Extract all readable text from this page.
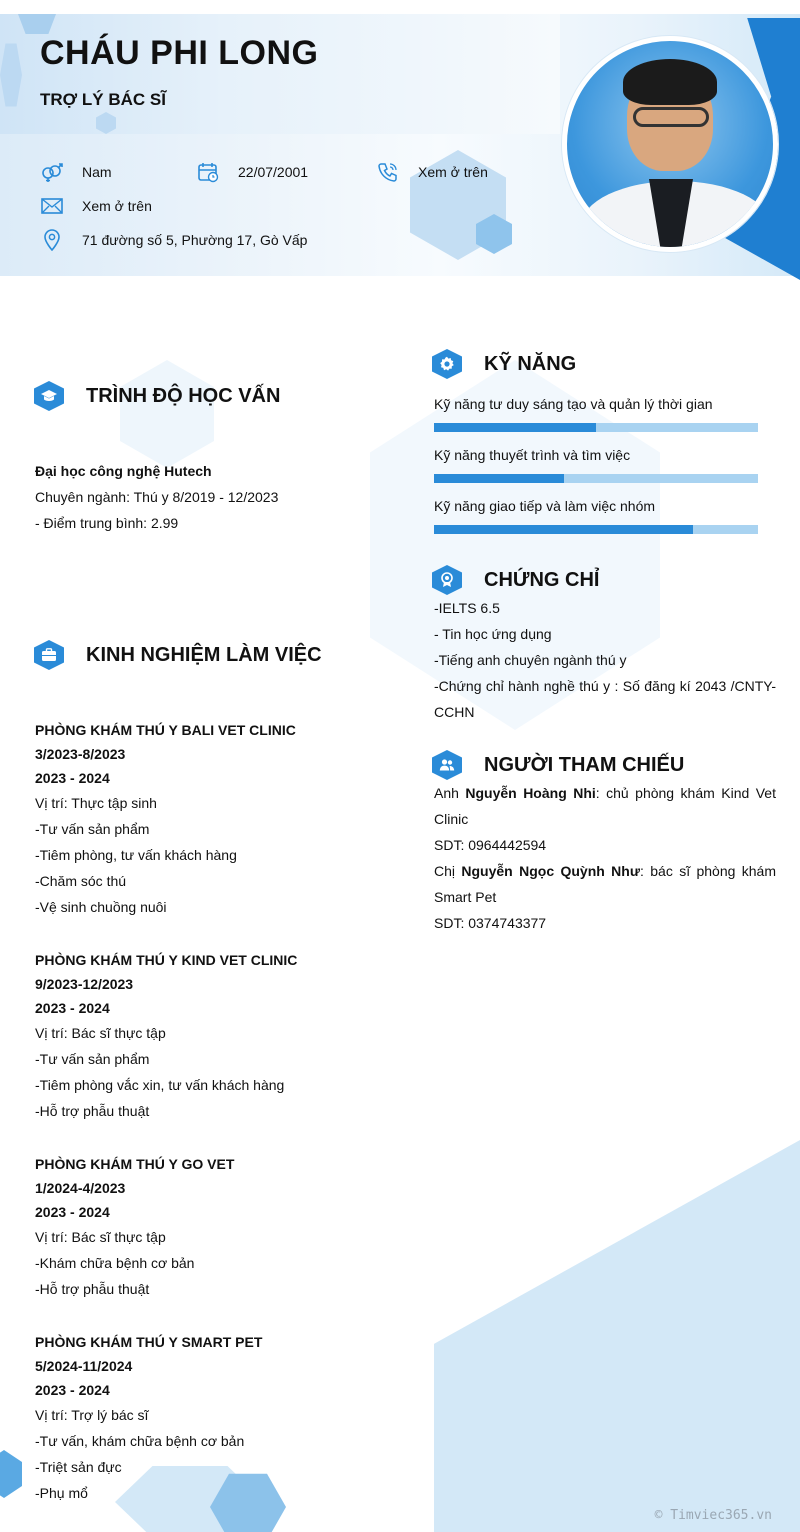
CHÁU PHI LONG
TRỢ LÝ BÁC SĨ
Nam	22/07/2001	Xem ở trên
Xem ở trên
71 đường số 5, Phường 17, Gò Vấp
TRÌNH ĐỘ HỌC VẤN
Đại học công nghệ Hutech
Chuyên ngành: Thú y 8/2019 - 12/2023
- Điểm trung bình: 2.99
KINH NGHIỆM LÀM VIỆC
PHÒNG KHÁM THÚ Y BALI VET CLINIC
3/2023-8/2023
2023 - 2024
Vị trí: Thực tập sinh
-Tư vấn sản phẩm
-Tiêm phòng, tư vấn khách hàng
-Chăm sóc thú
-Vệ sinh chuồng nuôi
PHÒNG KHÁM THÚ Y KIND VET CLINIC
9/2023-12/2023
2023 - 2024
Vị trí: Bác sĩ thực tập
-Tư vấn sản phẩm
-Tiêm phòng vắc xin, tư vấn khách hàng
-Hỗ trợ phẫu thuật
PHÒNG KHÁM THÚ Y GO VET
1/2024-4/2023
2023 - 2024
Vị trí: Bác sĩ thực tập
-Khám chữa bệnh cơ bản
-Hỗ trợ phẫu thuật
PHÒNG KHÁM THÚ Y SMART PET
5/2024-11/2024
2023 - 2024
Vị trí: Trợ lý bác sĩ
-Tư vấn, khám chữa bệnh cơ bản
-Triệt sản đực
-Phụ mổ
KỸ NĂNG
Kỹ năng tư duy sáng tạo và quản lý thời gian
Kỹ năng thuyết trình và tìm việc
Kỹ năng giao tiếp và làm việc nhóm
CHỨNG CHỈ
-IELTS 6.5
- Tin học ứng dụng
-Tiếng anh chuyên ngành thú y
-Chứng chỉ hành nghề thú y : Số đăng kí 2043 /CNTY-CCHN
NGƯỜI THAM CHIẾU
Anh Nguyễn Hoàng Nhi: chủ phòng khám Kind Vet Clinic
SDT: 0964442594
Chị Nguyễn Ngọc Quỳnh Như: bác sĩ phòng khám Smart Pet
SDT: 0374743377
© Timviec365.vn
